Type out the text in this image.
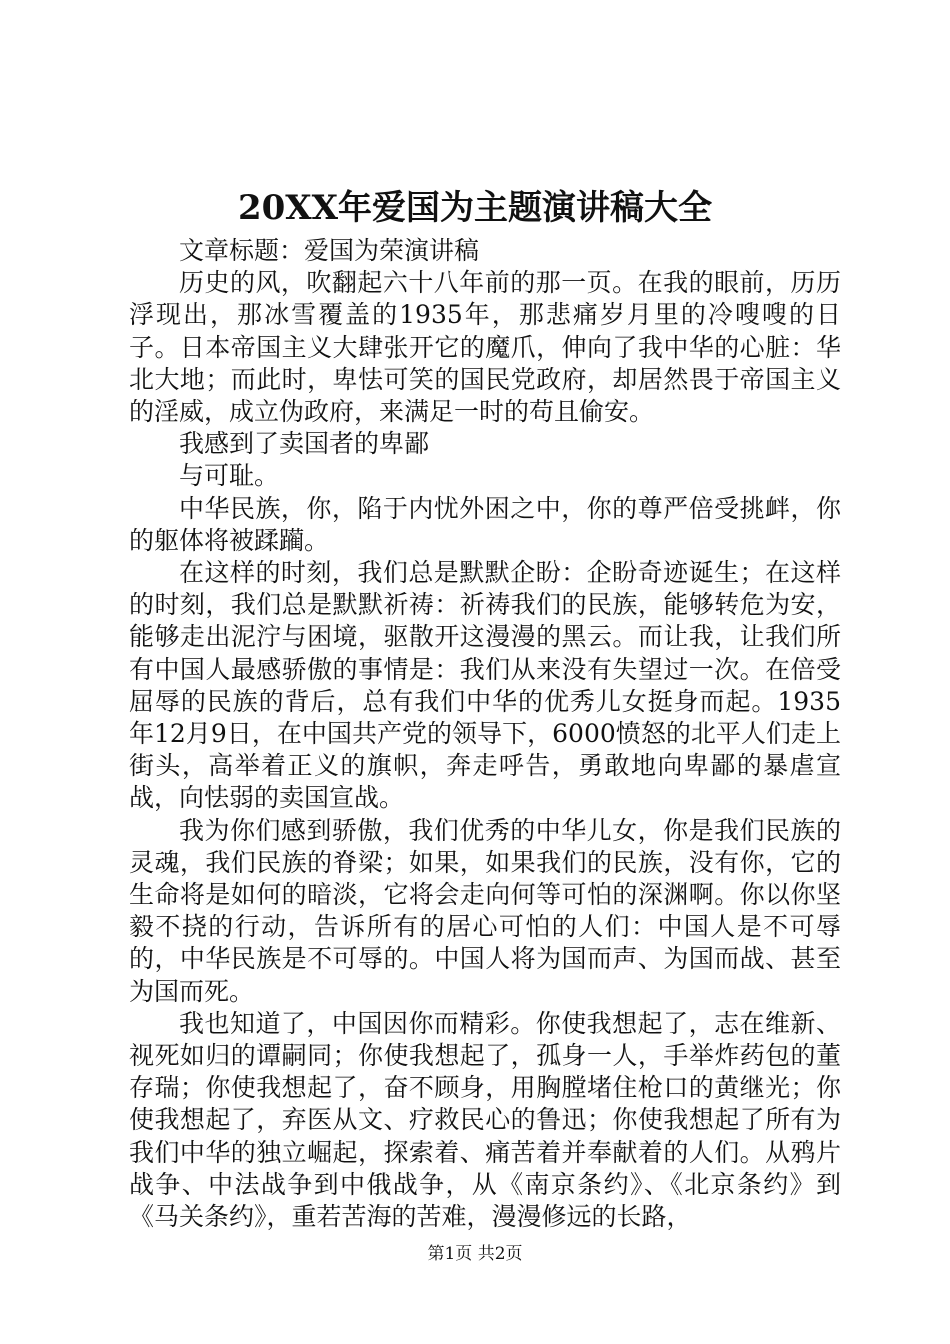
20XX年爱国为主题演讲稿大全

文章标题：爱国为荣演讲稿

历史的风，吹翻起六十八年前的那一页。在我的眼前，历历浮现出，那冰雪覆盖的1935年，那悲痛岁月里的冷嗖嗖的日子。日本帝国主义大肆张开它的魔爪，伸向了我中华的心脏：华北大地；而此时，卑怯可笑的国民党政府，却居然畏于帝国主义的淫威，成立伪政府，来满足一时的苟且偷安。

我感到了卖国者的卑鄙

与可耻。

中华民族，你，陷于内忧外困之中，你的尊严倍受挑衅，你的躯体将被蹂躏。

在这样的时刻，我们总是默默企盼：企盼奇迹诞生；在这样的时刻，我们总是默默祈祷：祈祷我们的民族，能够转危为安，能够走出泥泞与困境，驱散开这漫漫的黑云。而让我，让我们所有中国人最感骄傲的事情是：我们从来没有失望过一次。在倍受屈辱的民族的背后，总有我们中华的优秀儿女挺身而起。1935年12月9日，在中国共产党的领导下，6000愤怒的北平人们走上街头，高举着正义的旗帜，奔走呼告，勇敢地向卑鄙的暴虐宣战，向怯弱的卖国宣战。

我为你们感到骄傲，我们优秀的中华儿女，你是我们民族的灵魂，我们民族的脊梁；如果，如果我们的民族，没有你，它的生命将是如何的暗淡，它将会走向何等可怕的深渊啊。你以你坚毅不挠的行动，告诉所有的居心可怕的人们：中国人是不可辱的，中华民族是不可辱的。中国人将为国而声、为国而战、甚至为国而死。

我也知道了，中国因你而精彩。你使我想起了，志在维新、视死如归的谭嗣同；你使我想起了，孤身一人，手举炸药包的董存瑞；你使我想起了，奋不顾身，用胸膛堵住枪口的黄继光；你使我想起了，弃医从文、疗救民心的鲁迅；你使我想起了所有为我们中华的独立崛起，探索着、痛苦着并奉献着的人们。从鸦片战争、中法战争到中俄战争，从《南京条约》、《北京条约》到《马关条约》，重若苦海的苦难，漫漫修远的长路，

第1页 共2页
